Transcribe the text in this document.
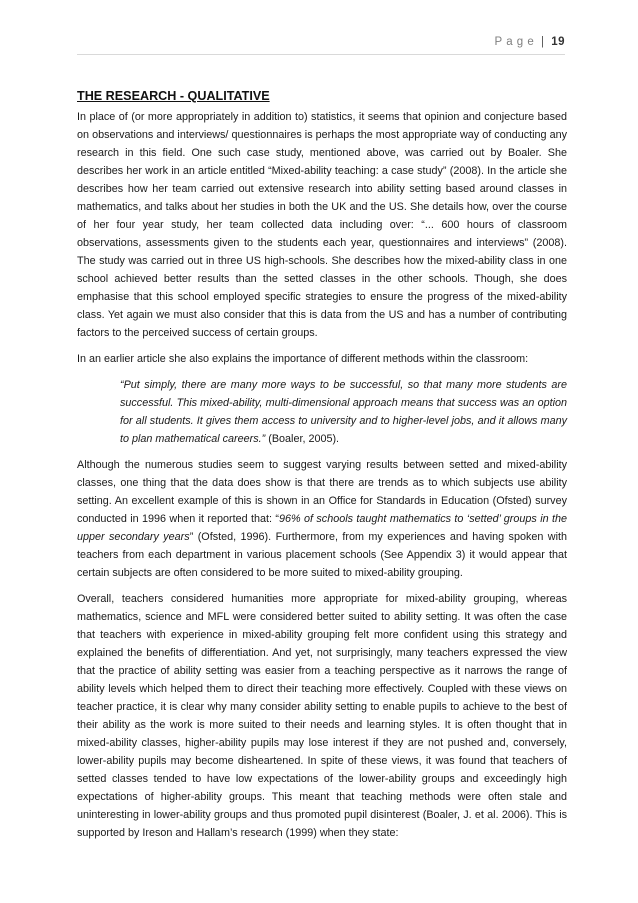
P a g e | 19
THE RESEARCH - QUALITATIVE

In place of (or more appropriately in addition to) statistics, it seems that opinion and conjecture based on observations and interviews/ questionnaires is perhaps the most appropriate way of conducting any research in this field. One such case study, mentioned above, was carried out by Boaler. She describes her work in an article entitled “Mixed-ability teaching: a case study” (2008). In the article she describes how her team carried out extensive research into ability setting based around classes in mathematics, and talks about her studies in both the UK and the US. She details how, over the course of her four year study, her team collected data including over: “... 600 hours of classroom observations, assessments given to the students each year, questionnaires and interviews” (2008). The study was carried out in three US high-schools. She describes how the mixed-ability class in one school achieved better results than the setted classes in the other schools. Though, she does emphasise that this school employed specific strategies to ensure the progress of the mixed-ability class. Yet again we must also consider that this is data from the US and has a number of contributing factors to the perceived success of certain groups.

In an earlier article she also explains the importance of different methods within the classroom:

“Put simply, there are many more ways to be successful, so that many more students are successful. This mixed-ability, multi-dimensional approach means that success was an option for all students. It gives them access to university and to higher-level jobs, and it allows many to plan mathematical careers.” (Boaler, 2005).

Although the numerous studies seem to suggest varying results between setted and mixed-ability classes, one thing that the data does show is that there are trends as to which subjects use ability setting. An excellent example of this is shown in an Office for Standards in Education (Ofsted) survey conducted in 1996 when it reported that: “96% of schools taught mathematics to ‘setted’ groups in the upper secondary years” (Ofsted, 1996). Furthermore, from my experiences and having spoken with teachers from each department in various placement schools (See Appendix 3) it would appear that certain subjects are often considered to be more suited to mixed-ability grouping.

Overall, teachers considered humanities more appropriate for mixed-ability grouping, whereas mathematics, science and MFL were considered better suited to ability setting. It was often the case that teachers with experience in mixed-ability grouping felt more confident using this strategy and explained the benefits of differentiation. And yet, not surprisingly, many teachers expressed the view that the practice of ability setting was easier from a teaching perspective as it narrows the range of ability levels which helped them to direct their teaching more effectively. Coupled with these views on teacher practice, it is clear why many consider ability setting to enable pupils to achieve to the best of their ability as the work is more suited to their needs and learning styles. It is often thought that in mixed-ability classes, higher-ability pupils may lose interest if they are not pushed and, conversely, lower-ability pupils may become disheartened. In spite of these views, it was found that teachers of setted classes tended to have low expectations of the lower-ability groups and exceedingly high expectations of higher-ability groups. This meant that teaching methods were often stale and uninteresting in lower-ability groups and thus promoted pupil disinterest (Boaler, J. et al. 2006). This is supported by Ireson and Hallam’s research (1999) when they state:
